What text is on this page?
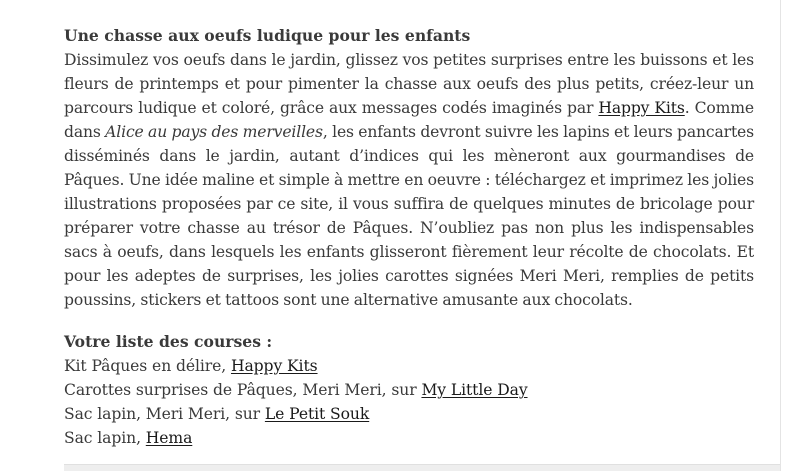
Une chasse aux oeufs ludique pour les enfants

Dissimulez vos oeufs dans le jardin, glissez vos petites surprises entre les buissons et les fleurs de printemps et pour pimenter la chasse aux oeufs des plus petits, créez-leur un parcours ludique et coloré, grâce aux messages codés imaginés par Happy Kits. Comme dans Alice au pays des merveilles, les enfants devront suivre les lapins et leurs pancartes disséminés dans le jardin, autant d’indices qui les mèneront aux gourmandises de Pâques. Une idée maline et simple à mettre en oeuvre : téléchargez et imprimez les jolies illustrations proposées par ce site, il vous suffira de quelques minutes de bricolage pour préparer votre chasse au trésor de Pâques. N’oubliez pas non plus les indispensables sacs à oeufs, dans lesquels les enfants glisseront fièrement leur récolte de chocolats. Et pour les adeptes de surprises, les jolies carottes signées Meri Meri, remplies de petits poussins, stickers et tattoos sont une alternative amusante aux chocolats.

Votre liste des courses :

Kit Pâques en délire, Happy Kits
Carottes surprises de Pâques, Meri Meri, sur My Little Day
Sac lapin, Meri Meri, sur Le Petit Souk
Sac lapin, Hema
